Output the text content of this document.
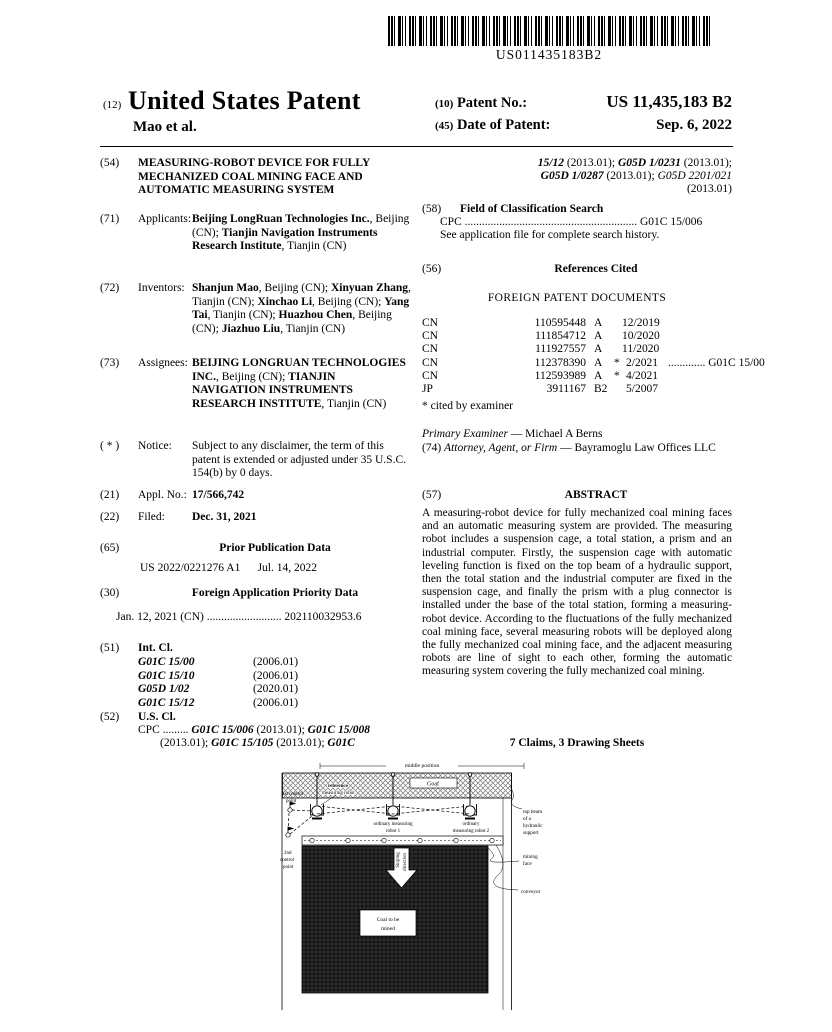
US011435183B2
(12) United States Patent
Mao et al.
(10) Patent No.:	US 11,435,183 B2
(45) Date of Patent:	Sep. 6, 2022
(54)	MEASURING-ROBOT DEVICE FOR FULLY MECHANIZED COAL MINING FACE AND AUTOMATIC MEASURING SYSTEM
(71)	Applicants: Beijing LongRuan Technologies Inc., Beijing (CN); Tianjin Navigation Instruments Research Institute, Tianjin (CN)
(72)	Inventors: Shanjun Mao, Beijing (CN); Xinyuan Zhang, Tianjin (CN); Xinchao Li, Beijing (CN); Yang Tai, Tianjin (CN); Huazhou Chen, Beijing (CN); Jiazhuo Liu, Tianjin (CN)
(73)	Assignees: BEIJING LONGRUAN TECHNOLOGIES INC., Beijing (CN); TIANJIN NAVIGATION INSTRUMENTS RESEARCH INSTITUTE, Tianjin (CN)
( * )	Notice:	Subject to any disclaimer, the term of this patent is extended or adjusted under 35 U.S.C. 154(b) by 0 days.
(21)	Appl. No.: 17/566,742
(22)	Filed:	Dec. 31, 2021
(65)	Prior Publication Data
US 2022/0221276 A1      Jul. 14, 2022
(30)	Foreign Application Priority Data
Jan. 12, 2021 (CN) .......................... 202110032953.6
(51)	Int. Cl.
G01C 15/00	(2006.01)
G01C 15/10	(2006.01)
G05D 1/02	(2020.01)
G01C 15/12	(2006.01)
(52)	U.S. Cl.
CPC ......... G01C 15/006 (2013.01); G01C 15/008
(2013.01); G01C 15/105 (2013.01); G01C
15/12 (2013.01); G05D 1/0231 (2013.01);
G05D 1/0287 (2013.01); G05D 2201/021
(2013.01)
(58)	Field of Classification Search
CPC ............................................................ G01C 15/006
See application file for complete search history.
(56)	References Cited
FOREIGN PATENT DOCUMENTS
CN	110595448 A	12/2019
CN	111854712 A	10/2020
CN	111927557 A	11/2020
CN	112378390 A	* 2/2021 ............. G01C 15/00
CN	112593989 A	* 4/2021
JP	3911167 B2	5/2007
* cited by examiner
Primary Examiner — Michael A Berns
(74) Attorney, Agent, or Firm — Bayramoglu Law Offices LLC
(57)	ABSTRACT
A measuring-robot device for fully mechanized coal mining faces and an automatic measuring system are provided. The measuring robot includes a suspension cage, a total station, a prism and an industrial computer. Firstly, the suspension cage with automatic leveling function is fixed on the top beam of a hydraulic support, then the total station and the industrial computer are fixed in the suspension cage, and finally the prism with a plug connector is installed under the base of the total station, forming a measuring-robot device. According to the fluctuations of the fully mechanized coal mining face, several measuring robots will be deployed along the fully mechanized coal mining face, and the adjacent measuring robots are line of sight to each other, forming the automatic measuring system covering the fully mechanized coal mining.
7 Claims, 3 Drawing Sheets
middle position
Goaf
1st control
point
reference
measuring robot
ordinary measuring
robot 1
ordinary
measuring robot 2
2nd
control
point	Stoping direction
Coal to be
mined
top beam
of a
hydraulic
support
mining
face
conveyor
